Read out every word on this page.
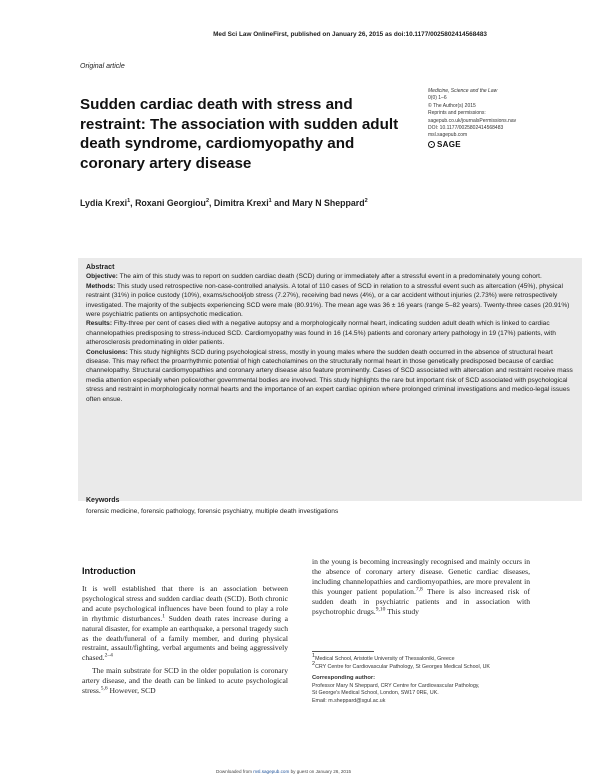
Med Sci Law OnlineFirst, published on January 26, 2015 as doi:10.1177/0025802414568483
Original article
Sudden cardiac death with stress and restraint: The association with sudden adult death syndrome, cardiomyopathy and coronary artery disease
Medicine, Science and the Law
0(0) 1–6
© The Author(s) 2015
Reprints and permissions:
sagepub.co.uk/journalsPermissions.nav
DOI: 10.1177/0025802414568483
msl.sagepub.com
SAGE
Lydia Krexi$^1$, Roxani Georgiou$^2$, Dimitra Krexi$^1$ and Mary N Sheppard$^2$

Abstract

Objective: The aim of this study was to report on sudden cardiac death (SCD) during or immediately after a stressful event in a predominately young cohort.

Methods: This study used retrospective non-case-controlled analysis. A total of 110 cases of SCD in relation to a stressful event such as altercation (45%), physical restraint (31%) in police custody (10%), exams/school/job stress (7.27%), receiving bad news (4%), or a car accident without injuries (2.73%) were retrospectively investigated. The majority of the subjects experiencing SCD were male (80.91%). The mean age was 36 ± 16 years (range 5–82 years). Twenty-three cases (20.91%) were psychiatric patients on antipsychotic medication.

Results: Fifty-three per cent of cases died with a negative autopsy and a morphologically normal heart, indicating sudden adult death which is linked to cardiac channelopathies predisposing to stress-induced SCD. Cardiomyopathy was found in 16 (14.5%) patients and coronary artery pathology in 19 (17%) patients, with atherosclerosis predominating in older patients.

Conclusions: This study highlights SCD during psychological stress, mostly in young males where the sudden death occurred in the absence of structural heart disease. This may reflect the proarrhythmic potential of high catecholamines on the structurally normal heart in those genetically predisposed because of cardiac channelopathy. Structural cardiomyopathies and coronary artery disease also feature prominently. Cases of SCD associated with altercation and restraint receive mass media attention especially when police/other governmental bodies are involved. This study highlights the rare but important risk of SCD associated with psychological stress and restraint in morphologically normal hearts and the importance of an expert cardiac opinion where prolonged criminal investigations and medico-legal issues often ensue.

Keywords
forensic medicine, forensic pathology, forensic psychiatry, multiple death investigations
Introduction

It is well established that there is an association between psychological stress and sudden cardiac death (SCD). Both chronic and acute psychological influences have been found to play a role in rhythmic disturbances.$^1$ Sudden death rates increase during a natural disaster, for example an earthquake, a personal tragedy such as the death/funeral of a family member, and during physical restraint, assault/fighting, verbal arguments and being aggressively chased.$^{2-4}$

The main substrate for SCD in the older population is coronary artery disease, and the death can be linked to acute psychological stress.$^{5,6}$ However, SCD

in the young is becoming increasingly recognised and mainly occurs in the absence of coronary artery disease. Genetic cardiac diseases, including channelopathies and cardiomyopathies, are more prevalent in this younger patient population.$^{7,8}$ There is also increased risk of sudden death in psychiatric patients and in association with psychotrophic drugs.$^{9,10}$ This study

$^1$Medical School, Aristotle University of Thessaloniki, Greece

$^2$CRY Centre for Cardiovascular Pathology, St Georges Medical School, UK

Corresponding author:

Professor Mary N Sheppard, CRY Centre for Cardiovascular Pathology,

St George's Medical School, London, SW17 0RE, UK.

Email: m.sheppard@sgul.ac.uk

Downloaded from msl.sagepub.com by guest on January 26, 2015
